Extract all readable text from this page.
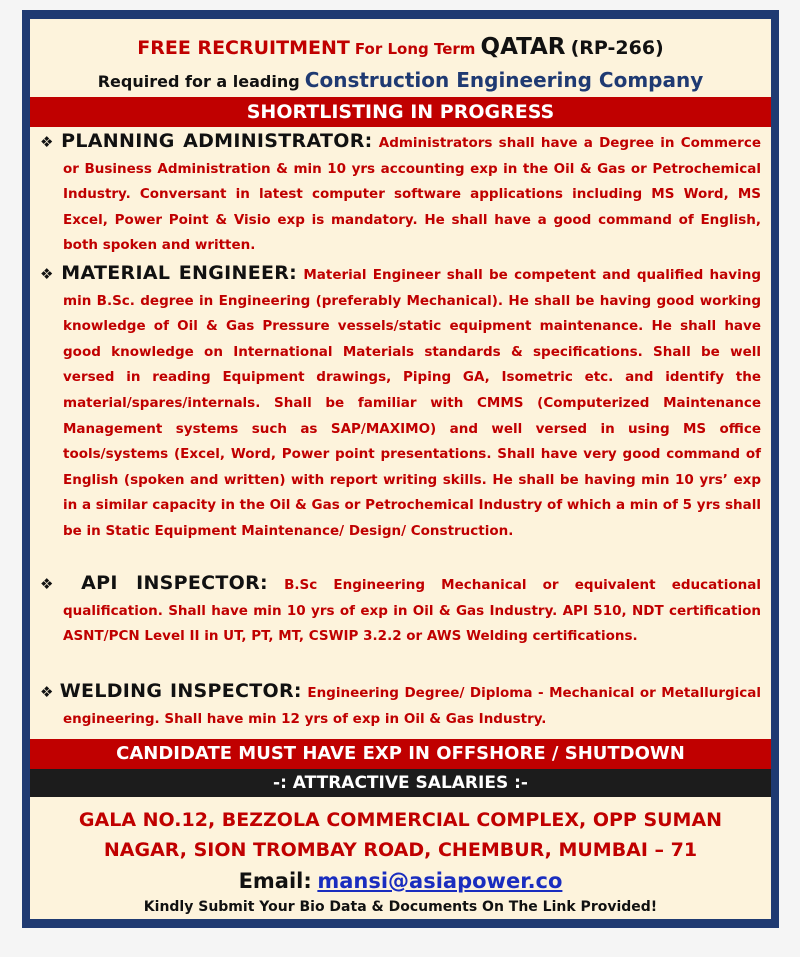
FREE RECRUITMENT For Long Term QATAR (RP-266)
Required for a leading Construction Engineering Company
SHORTLISTING IN PROGRESS
❖ PLANNING ADMINISTRATOR: Administrators shall have a Degree in Commerce or Business Administration & min 10 yrs accounting exp in the Oil & Gas or Petrochemical Industry. Conversant in latest computer software applications including MS Word, MS Excel, Power Point & Visio exp is mandatory. He shall have a good command of English, both spoken and written.
❖ MATERIAL ENGINEER: Material Engineer shall be competent and qualified having min B.Sc. degree in Engineering (preferably Mechanical). He shall be having good working knowledge of Oil & Gas Pressure vessels/static equipment maintenance. He shall have good knowledge on International Materials standards & specifications. Shall be well versed in reading Equipment drawings, Piping GA, Isometric etc. and identify the material/spares/internals. Shall be familiar with CMMS (Computerized Maintenance Management systems such as SAP/MAXIMO) and well versed in using MS office tools/systems (Excel, Word, Power point presentations. Shall have very good command of English (spoken and written) with report writing skills. He shall be having min 10 yrs’ exp in a similar capacity in the Oil & Gas or Petrochemical Industry of which a min of 5 yrs shall be in Static Equipment Maintenance/ Design/ Construction.
❖ API INSPECTOR: B.Sc Engineering Mechanical or equivalent educational qualification. Shall have min 10 yrs of exp in Oil & Gas Industry. API 510, NDT certification ASNT/PCN Level II in UT, PT, MT, CSWIP 3.2.2 or AWS Welding certifications.
❖ WELDING INSPECTOR: Engineering Degree/ Diploma - Mechanical or Metallurgical engineering. Shall have min 12 yrs of exp in Oil & Gas Industry.
CANDIDATE MUST HAVE EXP IN OFFSHORE / SHUTDOWN
-: ATTRACTIVE SALARIES :-
GALA NO.12, BEZZOLA COMMERCIAL COMPLEX, OPP SUMAN
NAGAR, SION TROMBAY ROAD, CHEMBUR, MUMBAI – 71
Email: mansi@asiapower.co
Kindly Submit Your Bio Data & Documents On The Link Provided!
